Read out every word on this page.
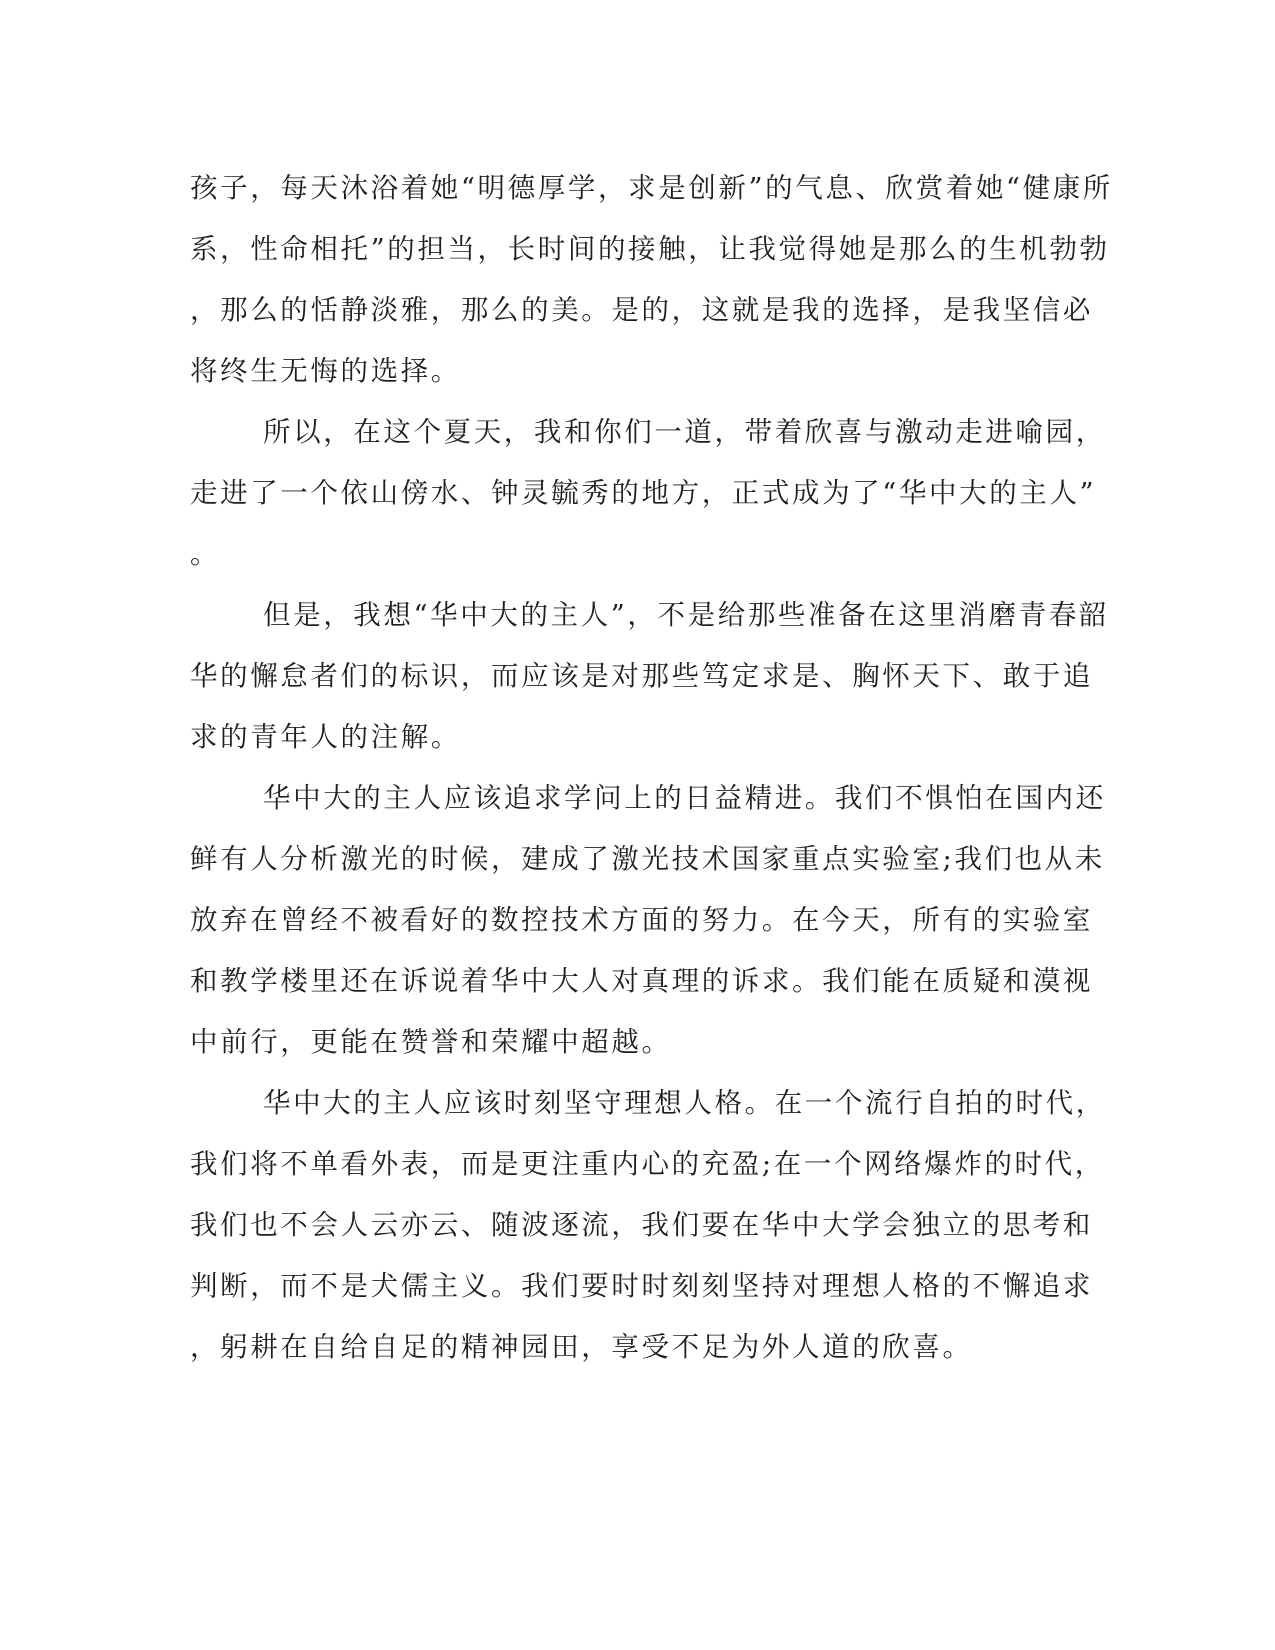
孩子，每天沐浴着她“明德厚学，求是创新”的气息、欣赏着她“健康所
系，性命相托”的担当，长时间的接触，让我觉得她是那么的生机勃勃
，那么的恬静淡雅，那么的美。是的，这就是我的选择，是我坚信必
将终生无悔的选择。
所以，在这个夏天，我和你们一道，带着欣喜与激动走进喻园，
走进了一个依山傍水、钟灵毓秀的地方，正式成为了“华中大的主人”
。
但是，我想“华中大的主人”，不是给那些准备在这里消磨青春韶
华的懈怠者们的标识，而应该是对那些笃定求是、胸怀天下、敢于追
求的青年人的注解。
华中大的主人应该追求学问上的日益精进。我们不惧怕在国内还
鲜有人分析激光的时候，建成了激光技术国家重点实验室;我们也从未
放弃在曾经不被看好的数控技术方面的努力。在今天，所有的实验室
和教学楼里还在诉说着华中大人对真理的诉求。我们能在质疑和漠视
中前行，更能在赞誉和荣耀中超越。
华中大的主人应该时刻坚守理想人格。在一个流行自拍的时代，
我们将不单看外表，而是更注重内心的充盈;在一个网络爆炸的时代，
我们也不会人云亦云、随波逐流，我们要在华中大学会独立的思考和
判断，而不是犬儒主义。我们要时时刻刻坚持对理想人格的不懈追求
，躬耕在自给自足的精神园田，享受不足为外人道的欣喜。
